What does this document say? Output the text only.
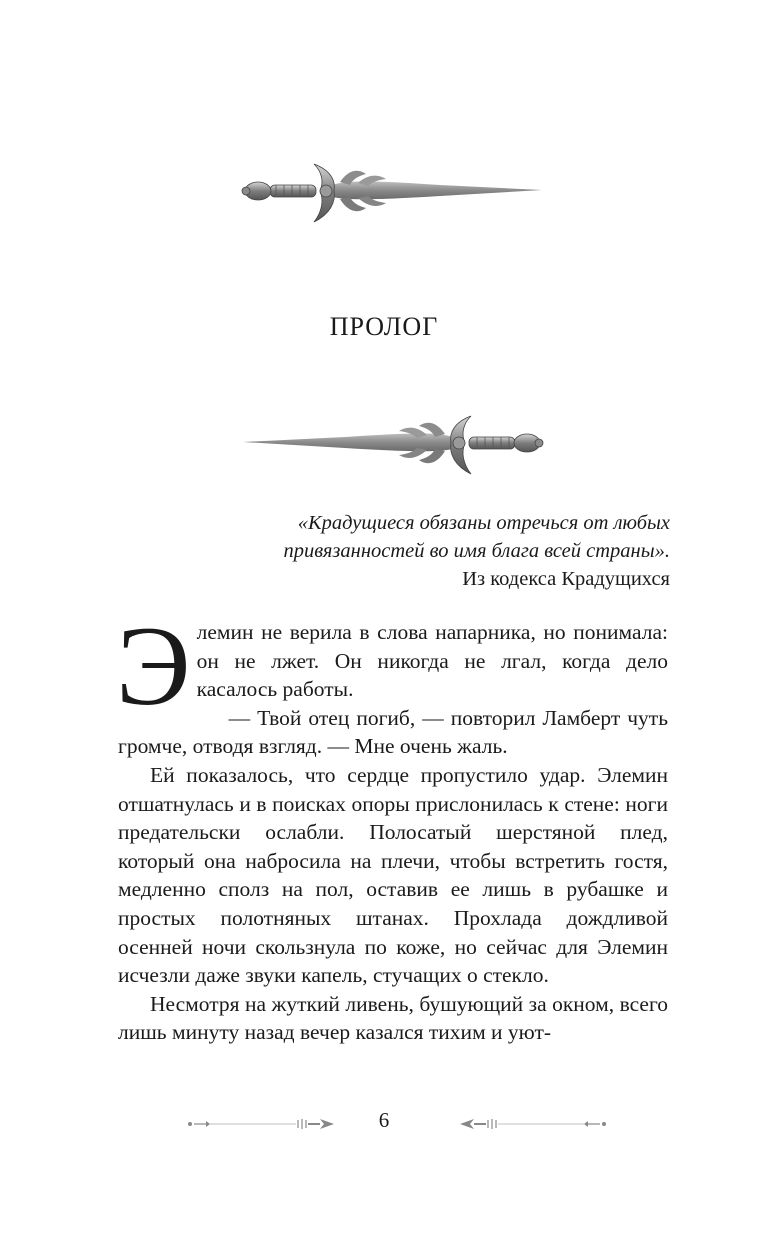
ПРОЛОГ
«Крадущиеся обязаны отречься от любых
привязанностей во имя блага всей страны».
Из кодекса Крадущихся

Элемин не верила в слова напарника, но понимала: он не лжет. Он никогда не лгал, когда дело касалось работы.

— Твой отец погиб, — повторил Ламберт чуть громче, отводя взгляд. — Мне очень жаль.

Ей показалось, что сердце пропустило удар. Элемин отшатнулась и в поисках опоры прислонилась к стене: ноги предательски ослабли. Полосатый шерстяной плед, который она набросила на плечи, чтобы встретить гостя, медленно сполз на пол, оставив ее лишь в рубашке и простых полотняных штанах. Прохлада дождливой осенней ночи скользнула по коже, но сейчас для Элемин исчезли даже звуки капель, стучащих о стекло.

Несмотря на жуткий ливень, бушующий за окном, всего лишь минуту назад вечер казался тихим и уют-

6
